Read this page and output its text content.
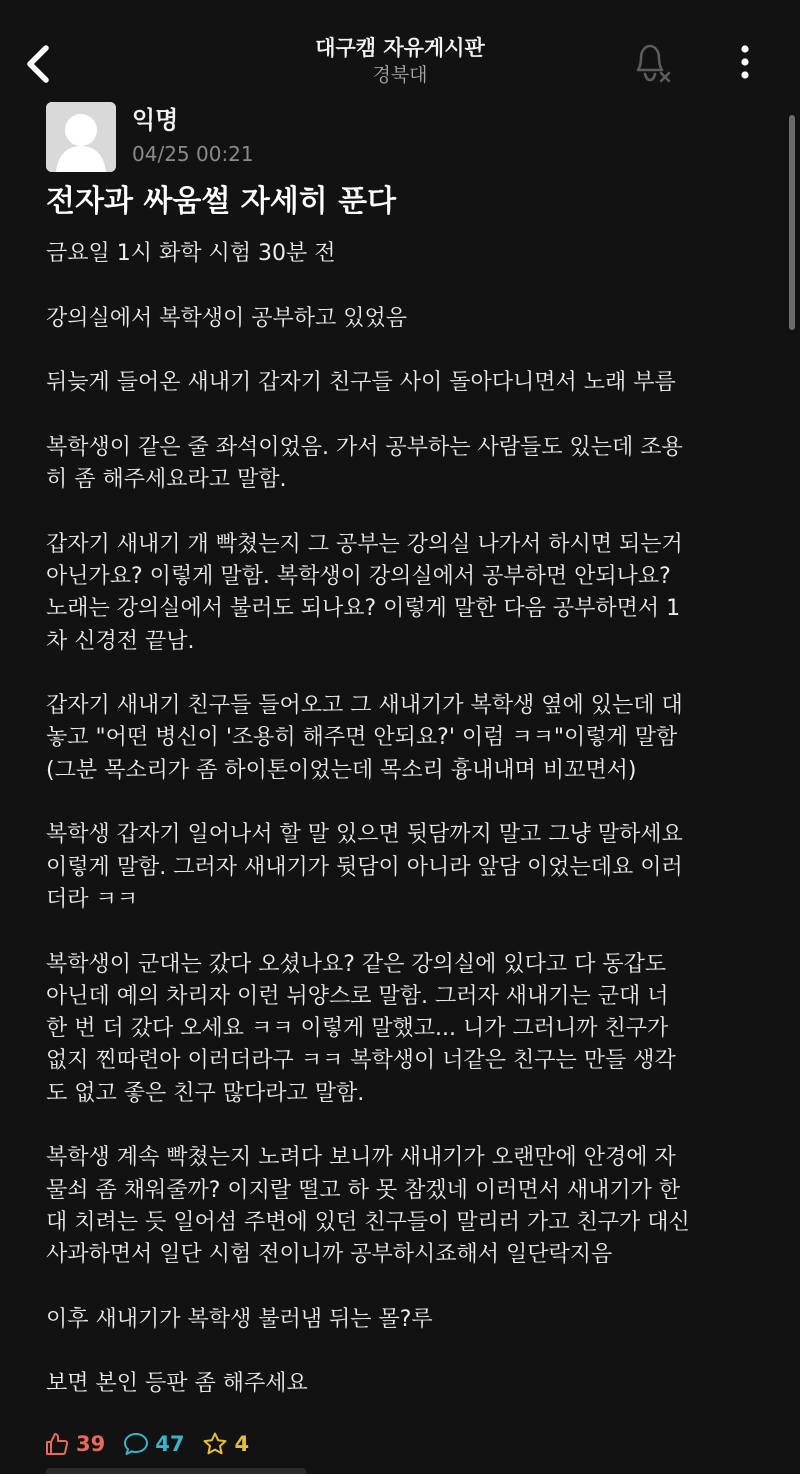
대구캠 자유게시판
경북대
익명
04/25 00:21
전자과 싸움썰 자세히 푼다

금요일 1시 화학 시험 30분 전

강의실에서 복학생이 공부하고 있었음

뒤늦게 들어온 새내기 갑자기 친구들 사이 돌아다니면서 노래 부름

복학생이 같은 줄 좌석이었음. 가서 공부하는 사람들도 있는데 조용
히 좀 해주세요라고 말함.

갑자기 새내기 개 빡쳤는지 그 공부는 강의실 나가서 하시면 되는거
아닌가요? 이렇게 말함. 복학생이 강의실에서 공부하면 안되나요?
노래는 강의실에서 불러도 되나요? 이렇게 말한 다음 공부하면서 1
차 신경전 끝남.

갑자기 새내기 친구들 들어오고 그 새내기가 복학생 옆에 있는데 대
놓고 "어떤 병신이 '조용히 해주면 안되요?' 이럼 ㅋㅋ"이렇게 말함
(그분 목소리가 좀 하이톤이었는데 목소리 흉내내며 비꼬면서)

복학생 갑자기 일어나서 할 말 있으면 뒷담까지 말고 그냥 말하세요
이렇게 말함. 그러자 새내기가 뒷담이 아니라 앞담 이었는데요 이러
더라 ㅋㅋ

복학생이 군대는 갔다 오셨나요? 같은 강의실에 있다고 다 동갑도
아닌데 예의 차리자 이런 뉘양스로 말함. 그러자 새내기는 군대 너
한 번 더 갔다 오세요 ㅋㅋ 이렇게 말했고... 니가 그러니까 친구가
없지 찐따련아 이러더라구 ㅋㅋ 복학생이 너같은 친구는 만들 생각
도 없고 좋은 친구 많다라고 말함.

복학생 계속 빡쳤는지 노려다 보니까 새내기가 오랜만에 안경에 자
물쇠 좀 채워줄까? 이지랄 떨고 하 못 참겠네 이러면서 새내기가 한
대 치려는 듯 일어섬 주변에 있던 친구들이 말리러 가고 친구가 대신
사과하면서 일단 시험 전이니까 공부하시죠해서 일단락지음

이후 새내기가 복학생 불러냄 뒤는 몰?루

보면 본인 등판 좀 해주세요

39 47 4
